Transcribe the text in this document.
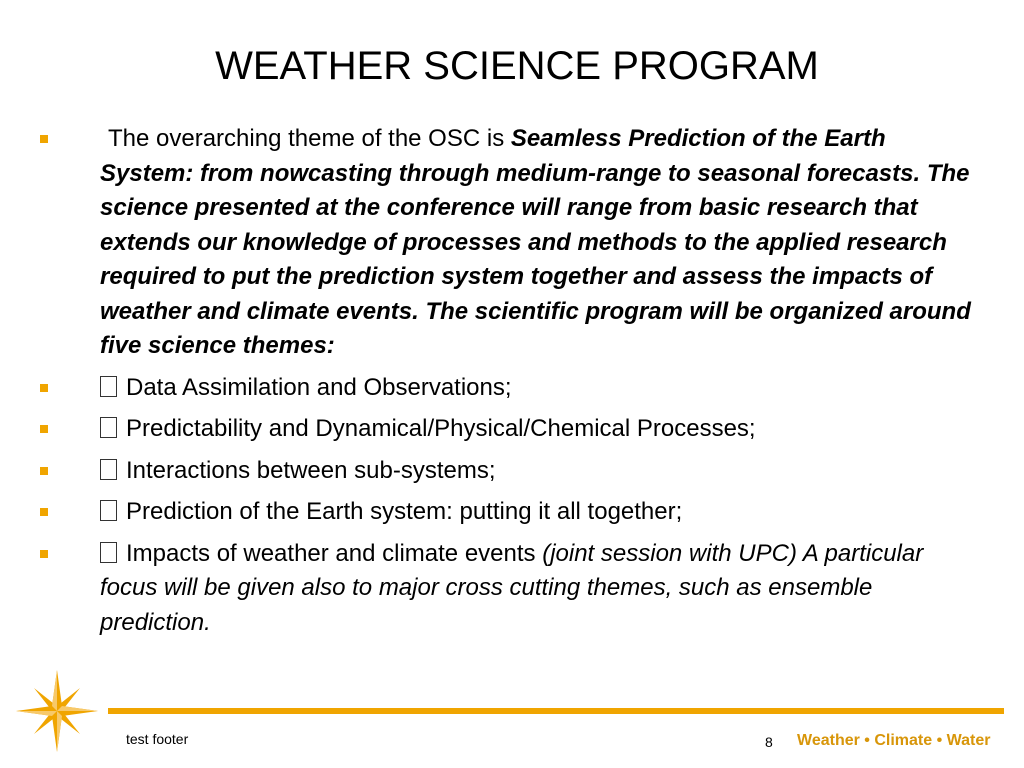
WEATHER SCIENCE PROGRAM
The overarching theme of the OSC is Seamless Prediction of the Earth System: from nowcasting through medium-range to seasonal forecasts. The science presented at the conference will range from basic research that extends our knowledge of processes and methods to the applied research required to put the prediction system together and assess the impacts of weather and climate events. The scientific program will be organized around five science themes:
Data Assimilation and Observations;
Predictability and Dynamical/Physical/Chemical Processes;
Interactions between sub-systems;
Prediction of the Earth system: putting it all together;
Impacts of weather and climate events (joint session with UPC) A particular focus will be given also to major cross cutting themes, such as ensemble prediction.
test footer	8 Weather • Climate • Water
